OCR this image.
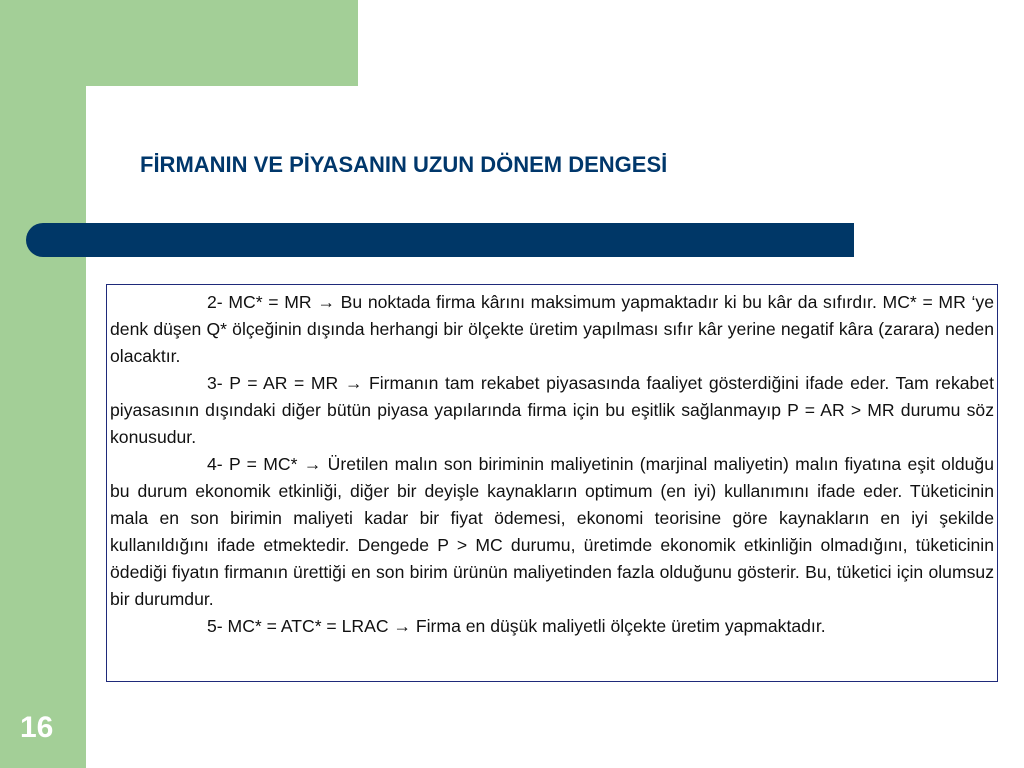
FİRMANIN VE PİYASANIN UZUN DÖNEM DENGESİ

2- MC* = MR → Bu noktada firma kârını maksimum yapmaktadır ki bu kâr da sıfırdır. MC* = MR ‘ye denk düşen Q* ölçeğinin dışında herhangi bir ölçekte üretim yapılması sıfır kâr yerine negatif kâra (zarara) neden olacaktır.

3- P = AR = MR → Firmanın tam rekabet piyasasında faaliyet gösterdiğini ifade eder. Tam rekabet piyasasının dışındaki diğer bütün piyasa yapılarında firma için bu eşitlik sağlanmayıp P = AR > MR durumu söz konusudur.

4- P = MC* → Üretilen malın son biriminin maliyetinin (marjinal maliyetin) malın fiyatına eşit olduğu bu durum ekonomik etkinliği, diğer bir deyişle kaynakların optimum (en iyi) kullanımını ifade eder. Tüketicinin mala en son birimin maliyeti kadar bir fiyat ödemesi, ekonomi teorisine göre kaynakların en iyi şekilde kullanıldığını ifade etmektedir. Dengede P > MC durumu, üretimde ekonomik etkinliğin olmadığını, tüketicinin ödediği fiyatın firmanın ürettiği en son birim ürünün maliyetinden fazla olduğunu gösterir. Bu, tüketici için olumsuz bir durumdur.

5- MC* = ATC* = LRAC → Firma en düşük maliyetli ölçekte üretim yapmaktadır.

16
